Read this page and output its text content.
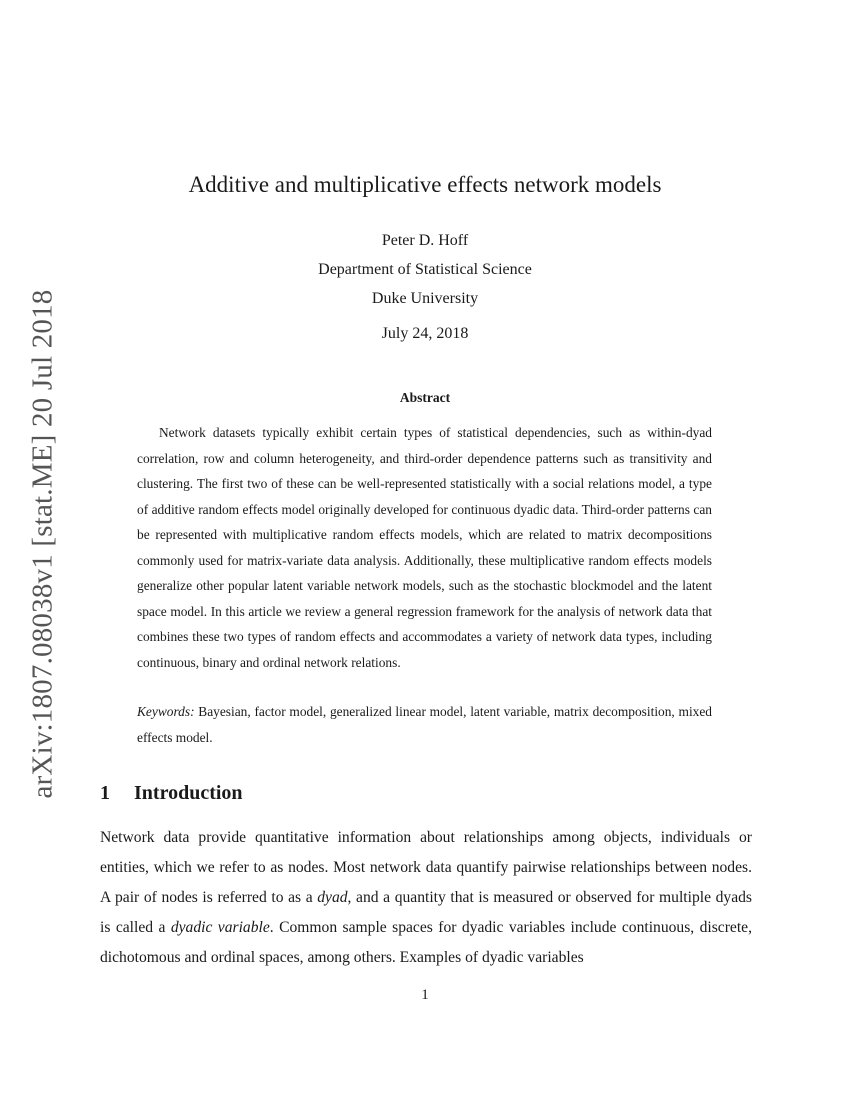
arXiv:1807.08038v1 [stat.ME] 20 Jul 2018
Additive and multiplicative effects network models
Peter D. Hoff
Department of Statistical Science
Duke University
July 24, 2018
Abstract

Network datasets typically exhibit certain types of statistical dependencies, such as within-dyad correlation, row and column heterogeneity, and third-order dependence patterns such as transitivity and clustering. The first two of these can be well-represented statistically with a social relations model, a type of additive random effects model originally developed for continuous dyadic data. Third-order patterns can be represented with multiplicative random effects models, which are related to matrix decompositions commonly used for matrix-variate data analysis. Additionally, these multiplicative random effects models generalize other popular latent variable network models, such as the stochastic blockmodel and the latent space model. In this article we review a general regression framework for the analysis of network data that combines these two types of random effects and accommodates a variety of network data types, including continuous, binary and ordinal network relations.

Keywords: Bayesian, factor model, generalized linear model, latent variable, matrix decomposition, mixed effects model.

1 Introduction

Network data provide quantitative information about relationships among objects, individuals or entities, which we refer to as nodes. Most network data quantify pairwise relationships between nodes. A pair of nodes is referred to as a dyad, and a quantity that is measured or observed for multiple dyads is called a dyadic variable. Common sample spaces for dyadic variables include continuous, discrete, dichotomous and ordinal spaces, among others. Examples of dyadic variables

1
